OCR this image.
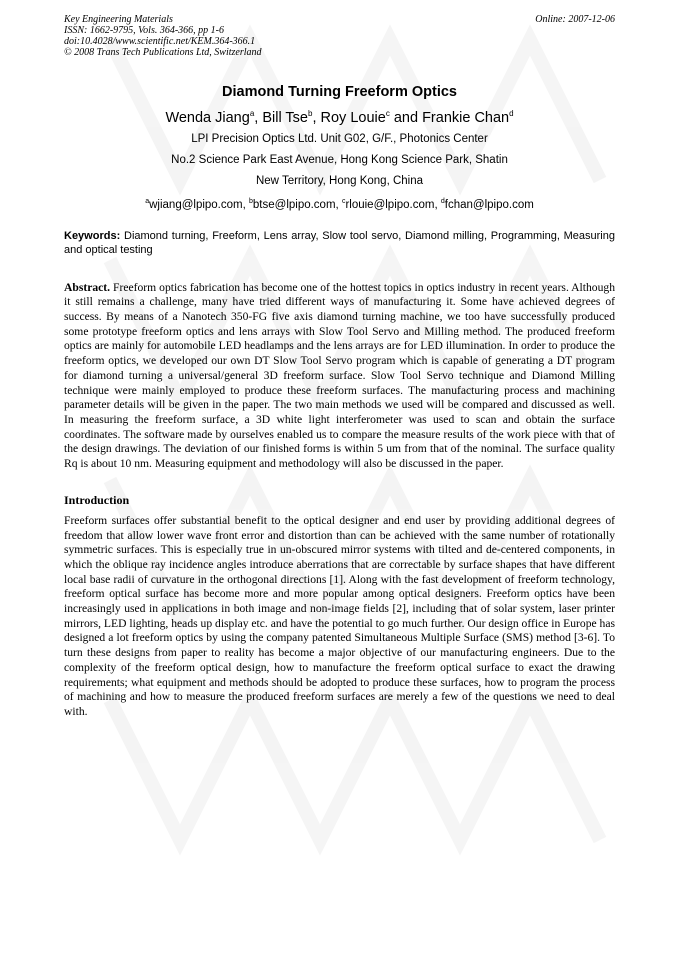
Key Engineering Materials
ISSN: 1662-9795, Vols. 364-366, pp 1-6
doi:10.4028/www.scientific.net/KEM.364-366.1
© 2008 Trans Tech Publications Ltd, Switzerland
Online: 2007-12-06
Diamond Turning Freeform Optics
Wenda Jiang$^a$, Bill Tse$^b$, Roy Louie$^c$ and Frankie Chan$^d$
LPI Precision Optics Ltd. Unit G02, G/F., Photonics Center
No.2 Science Park East Avenue, Hong Kong Science Park, Shatin
New Territory, Hong Kong, China
$^a$wjiang@lpipo.com, $^b$btse@lpipo.com, $^c$rlouie@lpipo.com, $^d$fchan@lpipo.com
Keywords: Diamond turning, Freeform, Lens array, Slow tool servo, Diamond milling, Programming, Measuring and optical testing
Abstract. Freeform optics fabrication has become one of the hottest topics in optics industry in recent years. Although it still remains a challenge, many have tried different ways of manufacturing it. Some have achieved degrees of success. By means of a Nanotech 350-FG five axis diamond turning machine, we too have successfully produced some prototype freeform optics and lens arrays with Slow Tool Servo and Milling method. The produced freeform optics are mainly for automobile LED headlamps and the lens arrays are for LED illumination. In order to produce the freeform optics, we developed our own DT Slow Tool Servo program which is capable of generating a DT program for diamond turning a universal/general 3D freeform surface. Slow Tool Servo technique and Diamond Milling technique were mainly employed to produce these freeform surfaces. The manufacturing process and machining parameter details will be given in the paper. The two main methods we used will be compared and discussed as well. In measuring the freeform surface, a 3D white light interferometer was used to scan and obtain the surface coordinates. The software made by ourselves enabled us to compare the measure results of the work piece with that of the design drawings. The deviation of our finished forms is within 5 um from that of the nominal. The surface quality Rq is about 10 nm. Measuring equipment and methodology will also be discussed in the paper.
Introduction
Freeform surfaces offer substantial benefit to the optical designer and end user by providing additional degrees of freedom that allow lower wave front error and distortion than can be achieved with the same number of rotationally symmetric surfaces. This is especially true in un-obscured mirror systems with tilted and de-centered components, in which the oblique ray incidence angles introduce aberrations that are correctable by surface shapes that have different local base radii of curvature in the orthogonal directions [1]. Along with the fast development of freeform technology, freeform optical surface has become more and more popular among optical designers. Freeform optics have been increasingly used in applications in both image and non-image fields [2], including that of solar system, laser printer mirrors, LED lighting, heads up display etc. and have the potential to go much further. Our design office in Europe has designed a lot freeform optics by using the company patented Simultaneous Multiple Surface (SMS) method [3-6]. To turn these designs from paper to reality has become a major objective of our manufacturing engineers. Due to the complexity of the freeform optical design, how to manufacture the freeform optical surface to exact the drawing requirements; what equipment and methods should be adopted to produce these surfaces, how to program the process of machining and how to measure the produced freeform surfaces are merely a few of the questions we need to deal with.
